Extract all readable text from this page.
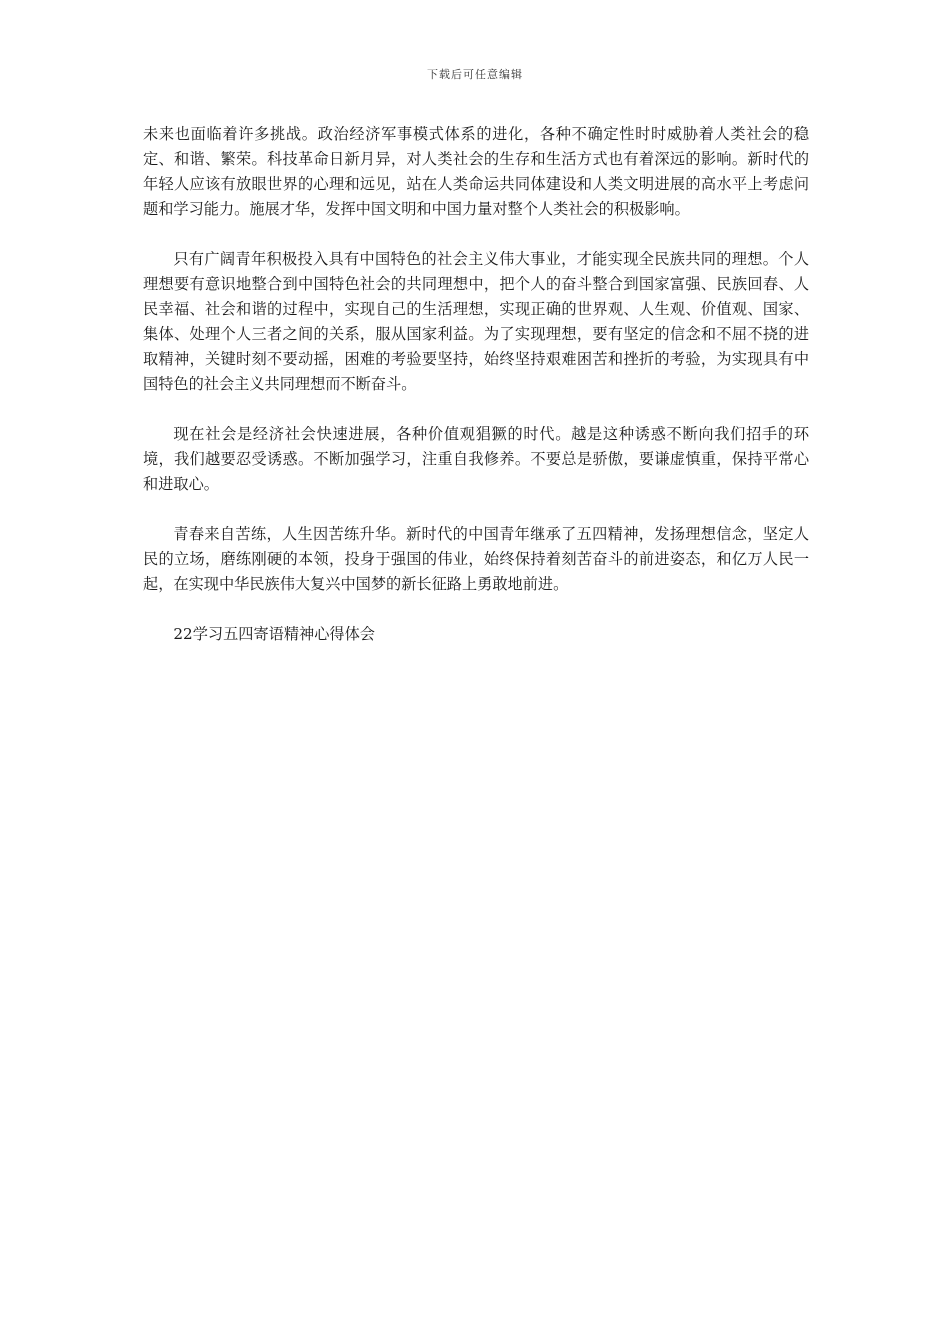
下载后可任意编辑

未来也面临着许多挑战。政治经济军事模式体系的进化，各种不确定性时时威胁着人类社会的稳定、和谐、繁荣。科技革命日新月异，对人类社会的生存和生活方式也有着深远的影响。新时代的年轻人应该有放眼世界的心理和远见，站在人类命运共同体建设和人类文明进展的高水平上考虑问题和学习能力。施展才华，发挥中国文明和中国力量对整个人类社会的积极影响。

只有广阔青年积极投入具有中国特色的社会主义伟大事业，才能实现全民族共同的理想。个人理想要有意识地整合到中国特色社会的共同理想中，把个人的奋斗整合到国家富强、民族回春、人民幸福、社会和谐的过程中，实现自己的生活理想，实现正确的世界观、人生观、价值观、国家、集体、处理个人三者之间的关系，服从国家利益。为了实现理想，要有坚定的信念和不屈不挠的进取精神，关键时刻不要动摇，困难的考验要坚持，始终坚持艰难困苦和挫折的考验，为实现具有中国特色的社会主义共同理想而不断奋斗。

现在社会是经济社会快速进展，各种价值观猖獗的时代。越是这种诱惑不断向我们招手的环境，我们越要忍受诱惑。不断加强学习，注重自我修养。不要总是骄傲，要谦虚慎重，保持平常心和进取心。

青春来自苦练，人生因苦练升华。新时代的中国青年继承了五四精神，发扬理想信念，坚定人民的立场，磨练刚硬的本领，投身于强国的伟业，始终保持着刻苦奋斗的前进姿态，和亿万人民一起，在实现中华民族伟大复兴中国梦的新长征路上勇敢地前进。

22学习五四寄语精神心得体会
